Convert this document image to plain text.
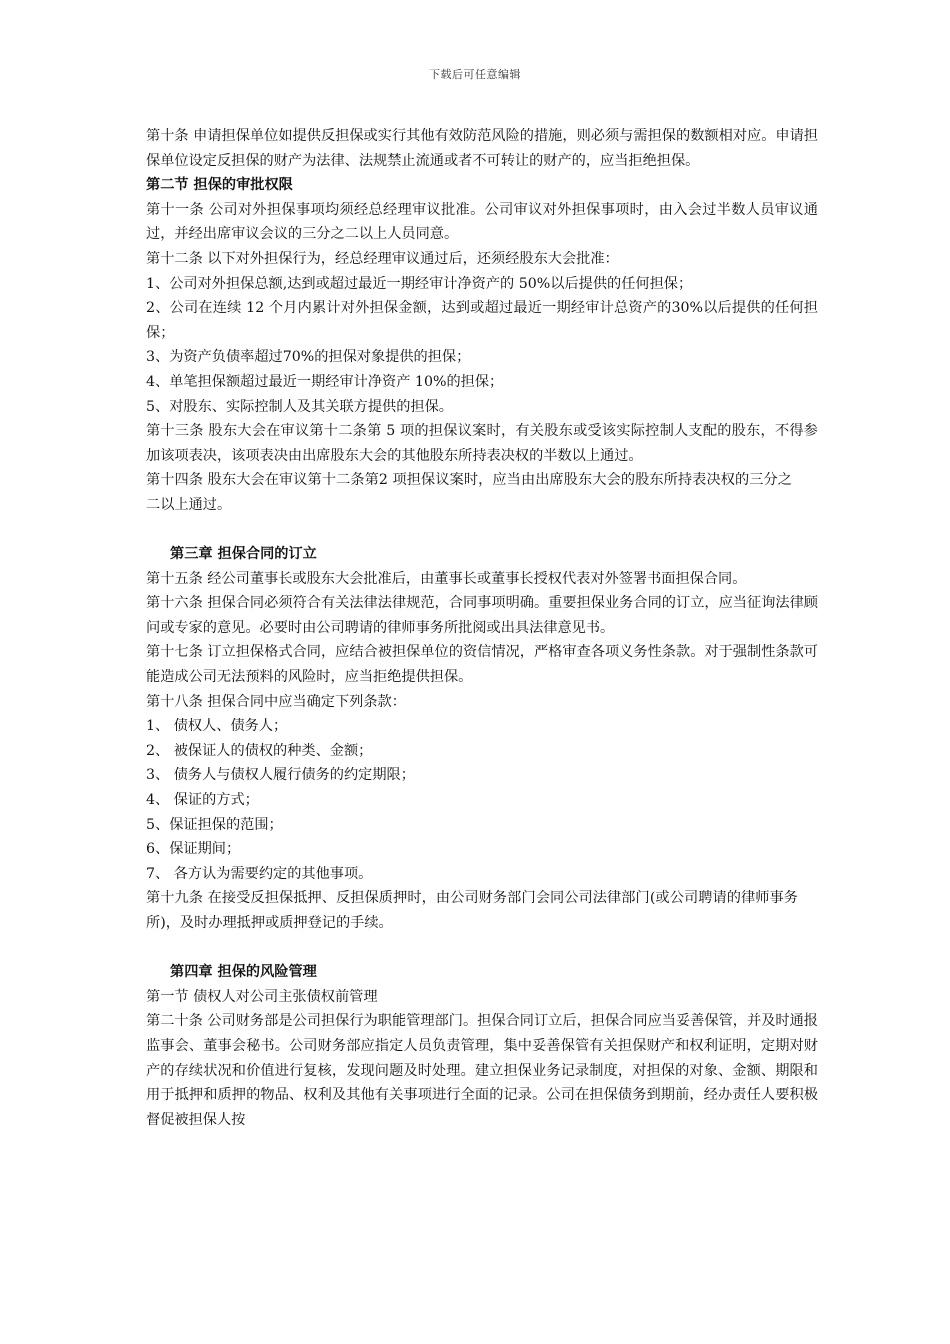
下载后可任意编辑

第十条 申请担保单位如提供反担保或实行其他有效防范风险的措施，则必须与需担保的数额相对应。申请担保单位设定反担保的财产为法律、法规禁止流通或者不可转让的财产的，应当拒绝担保。

第二节 担保的审批权限

第十一条 公司对外担保事项均须经总经理审议批准。公司审议对外担保事项时，由入会过半数人员审议通过，并经出席审议会议的三分之二以上人员同意。

第十二条 以下对外担保行为，经总经理审议通过后，还须经股东大会批准：

1、公司对外担保总额,达到或超过最近一期经审计净资产的 50%以后提供的任何担保；

2、公司在连续 12 个月内累计对外担保金额，达到或超过最近一期经审计总资产的30%以后提供的任何担保；

3、为资产负债率超过70%的担保对象提供的担保；

4、单笔担保额超过最近一期经审计净资产 10%的担保；

5、对股东、实际控制人及其关联方提供的担保。

第十三条 股东大会在审议第十二条第 5 项的担保议案时，有关股东或受该实际控制人支配的股东，不得参加该项表决，该项表决由出席股东大会的其他股东所持表决权的半数以上通过。

第十四条 股东大会在审议第十二条第2 项担保议案时，应当由出席股东大会的股东所持表决权的三分之二以上通过。

第三章 担保合同的订立

第十五条 经公司董事长或股东大会批准后，由董事长或董事长授权代表对外签署书面担保合同。

第十六条 担保合同必须符合有关法律法律规范，合同事项明确。重要担保业务合同的订立，应当征询法律顾问或专家的意见。必要时由公司聘请的律师事务所批阅或出具法律意见书。

第十七条 订立担保格式合同，应结合被担保单位的资信情况，严格审查各项义务性条款。对于强制性条款可能造成公司无法预料的风险时，应当拒绝提供担保。

第十八条 担保合同中应当确定下列条款：

1、 债权人、债务人；

2、 被保证人的债权的种类、金额；

3、 债务人与债权人履行债务的约定期限；

4、 保证的方式；

5、保证担保的范围；

6、保证期间；

7、 各方认为需要约定的其他事项。

第十九条 在接受反担保抵押、反担保质押时，由公司财务部门会同公司法律部门(或公司聘请的律师事务所)，及时办理抵押或质押登记的手续。

第四章 担保的风险管理

第一节 债权人对公司主张债权前管理

第二十条 公司财务部是公司担保行为职能管理部门。担保合同订立后，担保合同应当妥善保管，并及时通报监事会、董事会秘书。公司财务部应指定人员负责管理，集中妥善保管有关担保财产和权利证明，定期对财产的存续状况和价值进行复核，发现问题及时处理。建立担保业务记录制度，对担保的对象、金额、期限和用于抵押和质押的物品、权利及其他有关事项进行全面的记录。公司在担保债务到期前，经办责任人要积极督促被担保人按
